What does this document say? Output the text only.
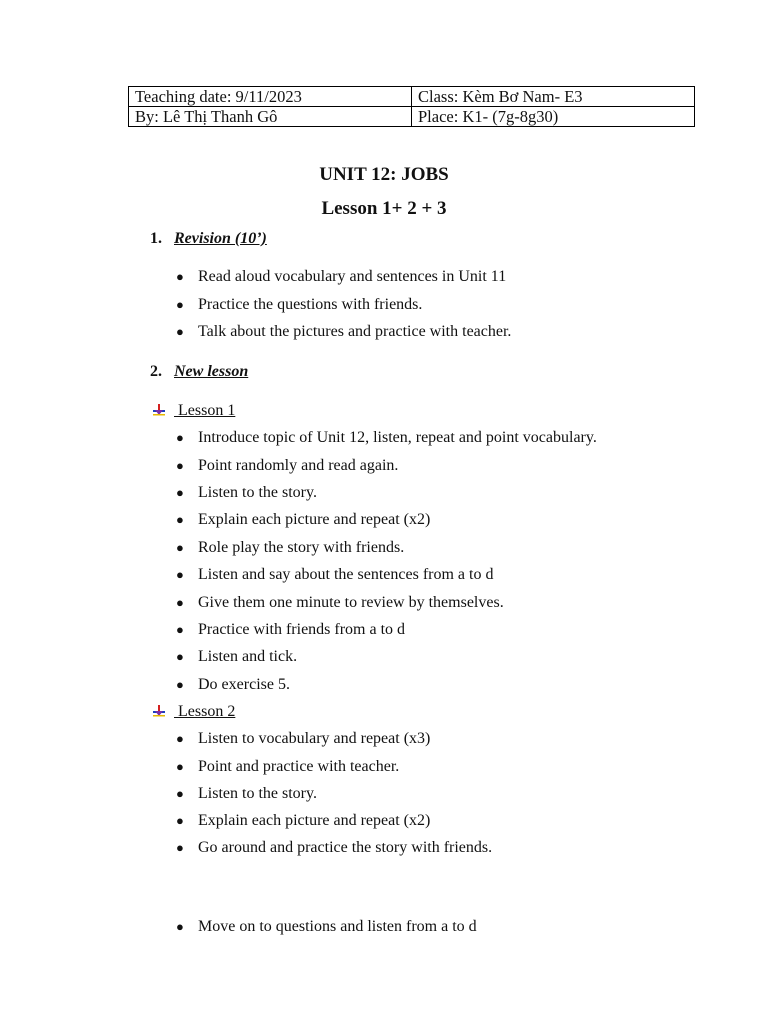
Teaching date: 9/11/2023	Class: Kèm Bơ Nam- E3
By: Lê Thị Thanh Gô	Place: K1- (7g-8g30)
UNIT 12: JOBS
Lesson 1+ 2 + 3
1. Revision (10’)
● Read aloud vocabulary and sentences in Unit 11
● Practice the questions with friends.
● Talk about the pictures and practice with teacher.
2. New lesson
Lesson 1
● Introduce topic of Unit 12, listen, repeat and point vocabulary.
● Point randomly and read again.
● Listen to the story.
● Explain each picture and repeat (x2)
● Role play the story with friends.
● Listen and say about the sentences from a to d
● Give them one minute to review by themselves.
● Practice with friends from a to d
● Listen and tick.
● Do exercise 5.
Lesson 2
● Listen to vocabulary and repeat (x3)
● Point and practice with teacher.
● Listen to the story.
● Explain each picture and repeat (x2)
● Go around and practice the story with friends.
● Move on to questions and listen from a to d
